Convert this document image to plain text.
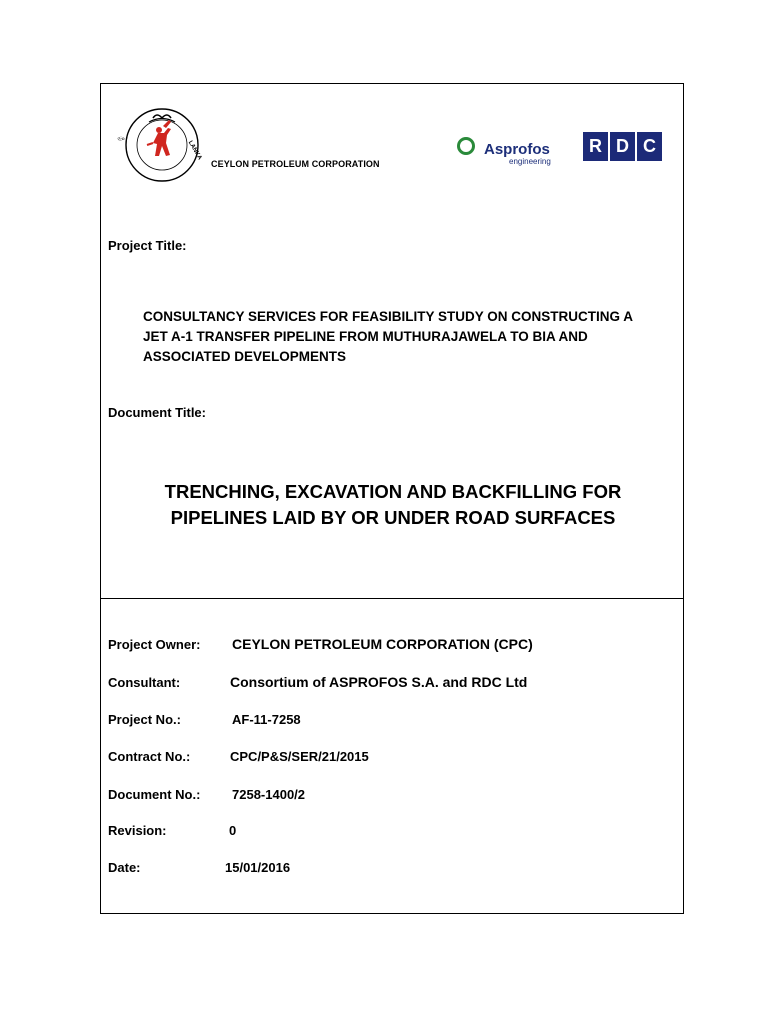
ශ්‍රී
LANKA
CEYLON PETROLEUM CORPORATION
Asprofos
engineering
R D C
Project Title:
CONSULTANCY SERVICES FOR FEASIBILITY STUDY ON CONSTRUCTING A JET A-1 TRANSFER PIPELINE FROM MUTHURAJAWELA TO BIA AND ASSOCIATED DEVELOPMENTS
Document Title:
TRENCHING, EXCAVATION AND BACKFILLING FOR PIPELINES LAID BY OR UNDER ROAD SURFACES
Project Owner: CEYLON PETROLEUM CORPORATION (CPC)
Consultant:	Consortium of ASPROFOS S.A. and RDC Ltd
Project No.:	AF-11-7258
Contract No.:	CPC/P&S/SER/21/2015
Document No.: 7258-1400/2
Revision:	0
Date:	15/01/2016
